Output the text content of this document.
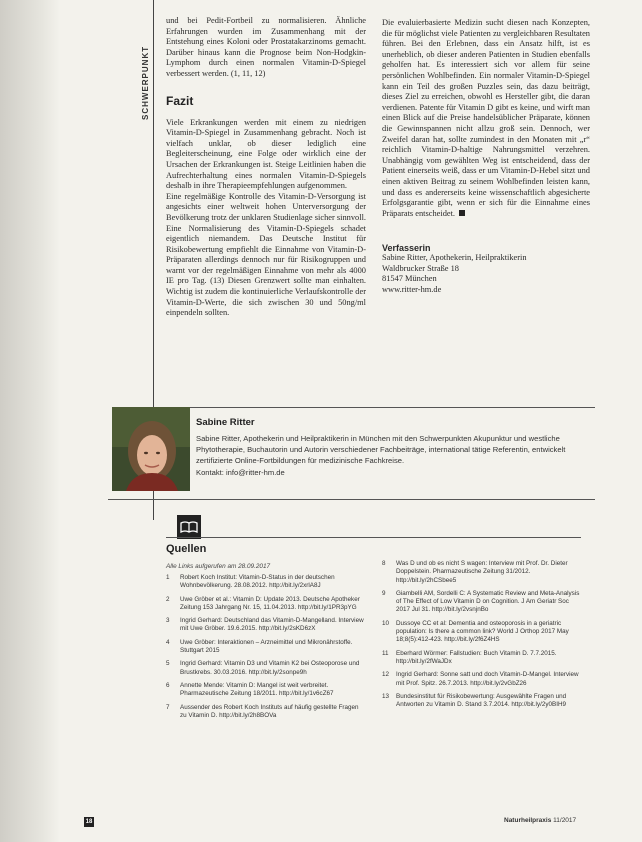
SCHWERPUNKT

und bei Pedit-Fortbeil zu normalisieren. Ähnliche Erfahrungen wurden im Zusammenhang mit der Entstehung eines Koloni oder Prostatakarzinoms gemacht. Darüber hinaus kann die Prognose beim Non-Hodgkin-Lymphom durch einen normalen Vitamin-D-Spiegel verbessert werden. (1, 11, 12)

Fazit

Viele Erkrankungen werden mit einem zu niedrigen Vitamin-D-Spiegel in Zusammenhang gebracht. Noch ist vielfach unklar, ob dieser lediglich eine Begleiterscheinung, eine Folge oder wirklich eine der Ursachen der Erkrankungen ist. Steige Leitlinien haben die Aufrechterhaltung eines normalen Vitamin-D-Spiegels deshalb in ihre Therapieempfehlungen aufgenommen.

Eine regelmäßige Kontrolle des Vitamin-D-Versorgung ist angesichts einer weltweit hohen Unterversorgung der Bevölkerung trotz der unklaren Studienlage sicher sinnvoll. Eine Normalisierung des Vitamin-D-Spiegels schadet eigentlich niemandem. Das Deutsche Institut für Risikobewertung empfiehlt die Einnahme von Vitamin-D-Präparaten allerdings dennoch nur für Risikogruppen und warnt vor der regelmäßigen Einnahme von mehr als 4000 IE pro Tag. (13) Diesen Grenzwert sollte man einhalten. Wichtig ist zudem die kontinuierliche Verlaufskontrolle der Vitamin-D-Werte, die sich zwischen 30 und 50ng/ml einpendeln sollten.

Die evaluierbasierte Medizin sucht diesen nach Konzepten, die für möglichst viele Patienten zu vergleichbaren Resultaten führen. Bei den Erlebnen, dass ein Ansatz hilft, ist es unerheblich, ob dieser anderen Patienten in Studien ebenfalls geholfen hat. Es interessiert sich vor allem für seine persönlichen Wohlbefinden. Ein normaler Vitamin-D-Spiegel kann ein Teil des großen Puzzles sein, das dazu beiträgt, dieses Ziel zu erreichen, obwohl es Hersteller gibt, die daran verdienen. Patente für Vitamin D gibt es keine, und wirft man einen Blick auf die Preise handelsüblicher Präparate, können die Gewinnspannen nicht allzu groß sein. Dennoch, wer Zweifel daran hat, sollte zumindest in den Monaten mit „r“ reichlich Vitamin-D-haltige Nahrungsmittel verzehren. Unabhängig vom gewählten Weg ist entscheidend, dass der Patient einerseits weiß, dass er um Vitamin-D-Hebel sitzt und einen aktiven Beitrag zu seinem Wohlbefinden leisten kann, und dass es andererseits keine wissenschaftlich abgesicherte Erfolgsgarantie gibt, wenn er sich für die Einnahme eines Präparats entscheidet.

Verfasserin
Sabine Ritter, Apothekerin, Heilpraktikerin
Waldbrucker Straße 18
81547 München
www.ritter-hm.de
Sabine Ritter
Sabine Ritter, Apothekerin und Heilpraktikerin in München mit den Schwerpunkten Akupunktur und westliche Phytotherapie, Buchautorin und Autorin verschiedener Fachbeiträge, international tätige Referentin, entwickelt zertifizierte Online-Fortbildungen für medizinische Fachkreise.
Kontakt: info@ritter-hm.de
Quellen
Alle Links aufgerufen am 28.09.2017
1 Robert Koch Institut: Vitamin-D-Status in der deutschen Wohnbevölkerung. 28.08.2012. http://bit.ly/2xrlA8J
2 Uwe Gröber et al.: Vitamin D: Update 2013. Deutsche Apotheker Zeitung 153 Jahrgang Nr. 15, 11.04.2013. http://bit.ly/1PR3pYG
3 Ingrid Gerhard: Deutschland das Vitamin-D-Mangelland. Interview mit Uwe Gröber. 19.6.2015. http://bit.ly/2sKD6zX
4 Uwe Gröber: Interaktionen – Arzneimittel und Mikronährstoffe. Stuttgart 2015
5 Ingrid Gerhard: Vitamin D3 und Vitamin K2 bei Osteoporose und Brustkrebs. 30.03.2016. http://bit.ly/2sonpe9h
6 Annette Mende: Vitamin D: Mangel ist weit verbreitet. Pharmazeutische Zeitung 18/2011. http://bit.ly/1v6cZ67
7 Aussender des Robert Koch Instituts auf häufig gestellte Fragen zu Vitamin D. http://bit.ly/2h8BOVa
8 Was D und ob es nicht S wagen: Interview mit Prof. Dr. Dieter Doppelstein. Pharmazeutische Zeitung 31/2012. http://bit.ly/2hCSbee5
9 Giambelli AM, Sordelli C: A Systematic Review and Meta-Analysis of The Effect of Low Vitamin D on Cognition. J Am Geriatr Soc 2017 Jul 31. http://bit.ly/2vsnjnBo
10 Dussoye CC et al: Dementia and osteoporosis in a geriatric population: Is there a common link? World J Orthop 2017 May 18;8(5):412-423. http://bit.ly/2f6Z4HS
11 Eberhard Wörmer: Fallstudien: Buch Vitamin D. 7.7.2015. http://bit.ly/2fWaJDx
12 Ingrid Gerhard: Sonne satt und doch Vitamin-D-Mangel. Interview mit Prof. Spitz. 26.7.2013. http://bit.ly/2vGbZ26
13 Bundesinstitut für Risikobewertung: Ausgewählte Fragen und Antworten zu Vitamin D. Stand 3.7.2014. http://bit.ly/2y0BIH9
18	Naturheilpraxis 11/2017
